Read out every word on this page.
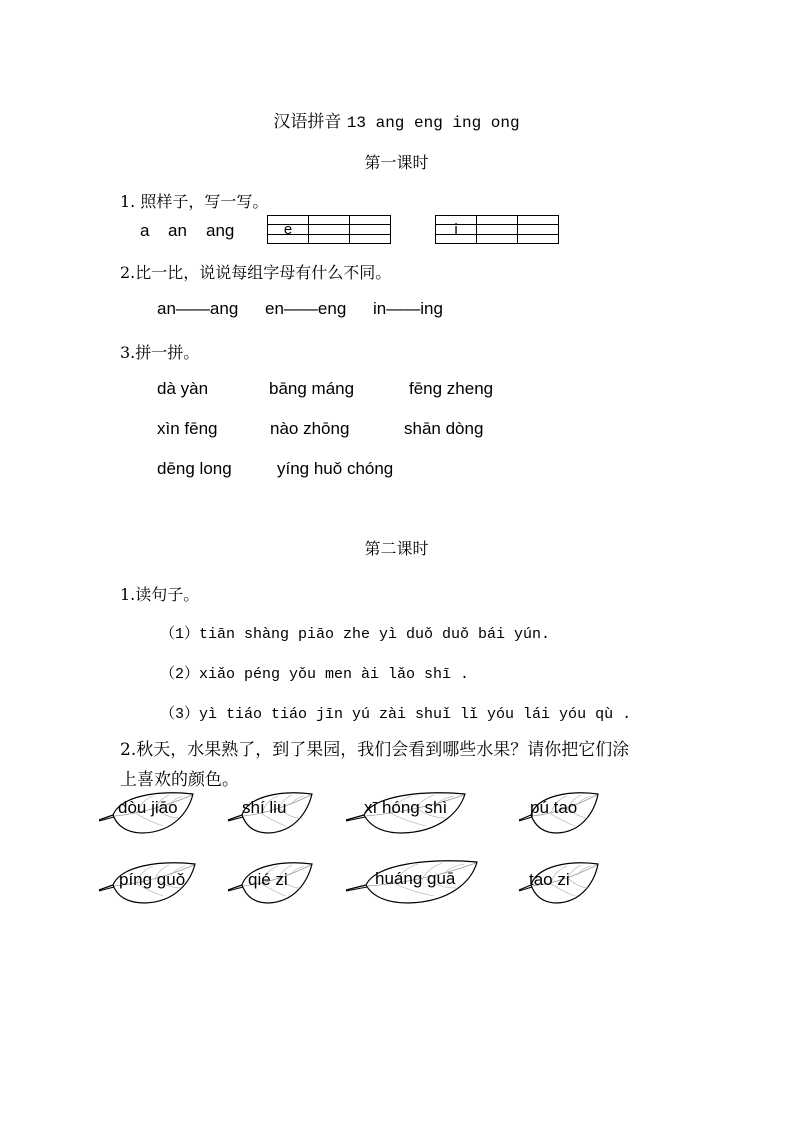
汉语拼音 13 ang eng ing ong
第一课时
1. 照样子，写一写。
a an ang	e	i
2.比一比，说说每组字母有什么不同。
an——ang en——eng in——ing
3.拼一拼。
dà yàn	bāng máng	fēng zheng
xìn fēng	nào zhōng	shān dòng
dēng long	yíng huǒ chóng
第二课时
1.读句子。
（1）tiān shàng piāo zhe yì duǒ duǒ bái yún.
（2）xiǎo péng yǒu men ài lǎo shī .
（3）yì tiáo tiáo jīn yú zài shuǐ lǐ yóu lái yóu qù .
2.秋天，水果熟了，到了果园，我们会看到哪些水果？请你把它们涂
上喜欢的颜色。
dòu jiāo	shí liu	xī hóng shì	pú tao
píng guǒ	qié zi	huáng guā	táo zi
